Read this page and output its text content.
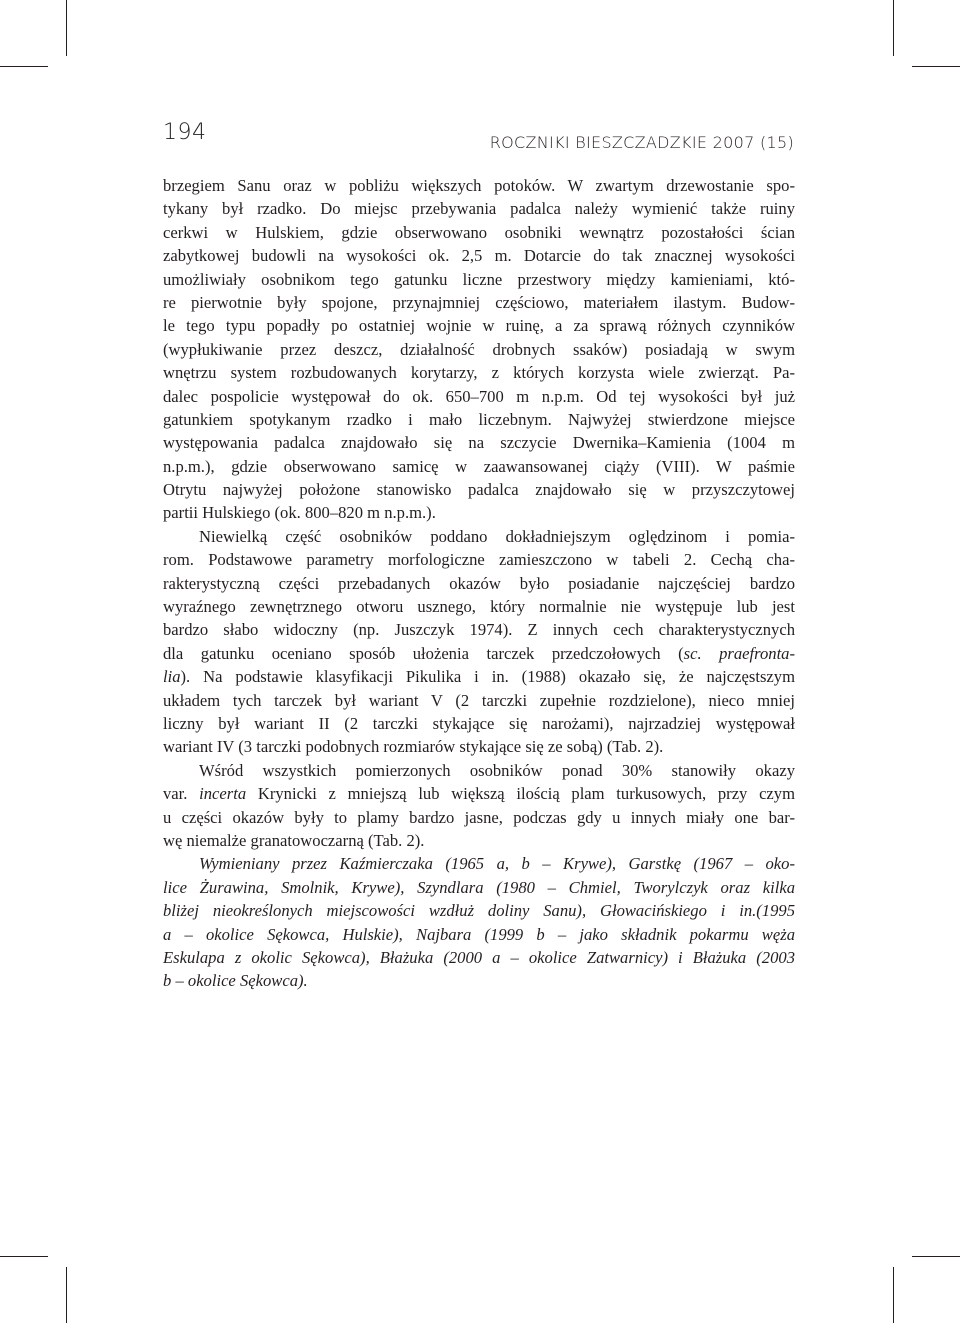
194	ROCZNIKI BIESZCZADZKIE 2007 (15)
brzegiem Sanu oraz w pobliżu większych potoków. W zwartym drzewostanie spo-
tykany był rzadko. Do miejsc przebywania padalca należy wymienić także ruiny
cerkwi w Hulskiem, gdzie obserwowano osobniki wewnątrz pozostałości ścian
zabytkowej budowli na wysokości ok. 2,5 m. Dotarcie do tak znacznej wysokości
umożliwiały osobnikom tego gatunku liczne przestwory między kamieniami, któ-
re pierwotnie były spojone, przynajmniej częściowo, materiałem ilastym. Budow-
le tego typu popadły po ostatniej wojnie w ruinę, a za sprawą różnych czynników
(wypłukiwanie przez deszcz, działalność drobnych ssaków) posiadają w swym
wnętrzu system rozbudowanych korytarzy, z których korzysta wiele zwierząt. Pa-
dalec pospolicie występował do ok. 650–700 m n.p.m. Od tej wysokości był już
gatunkiem spotykanym rzadko i mało liczebnym. Najwyżej stwierdzone miejsce
występowania padalca znajdowało się na szczycie Dwernika–Kamienia (1004 m
n.p.m.), gdzie obserwowano samicę w zaawansowanej ciąży (VIII). W paśmie
Otrytu najwyżej położone stanowisko padalca znajdowało się w przyszczytowej
partii Hulskiego (ok. 800–820 m n.p.m.).
Niewielką część osobników poddano dokładniejszym oględzinom i pomia-
rom. Podstawowe parametry morfologiczne zamieszczono w tabeli 2. Cechą cha-
rakterystyczną części przebadanych okazów było posiadanie najczęściej bardzo
wyraźnego zewnętrznego otworu usznego, który normalnie nie występuje lub jest
bardzo słabo widoczny (np. Juszczyk 1974). Z innych cech charakterystycznych
dla gatunku oceniano sposób ułożenia tarczek przedczołowych (sc. praefronta-
lia). Na podstawie klasyfikacji Pikulika i in. (1988) okazało się, że najczęstszym
układem tych tarczek był wariant V (2 tarczki zupełnie rozdzielone), nieco mniej
liczny był wariant II (2 tarczki stykające się narożami), najrzadziej występował
wariant IV (3 tarczki podobnych rozmiarów stykające się ze sobą) (Tab. 2).
Wśród wszystkich pomierzonych osobników ponad 30% stanowiły okazy
var. incerta Krynicki z mniejszą lub większą ilością plam turkusowych, przy czym
u części okazów były to plamy bardzo jasne, podczas gdy u innych miały one bar-
wę niemalże granatowoczarną (Tab. 2).
Wymieniany przez Kaźmierczaka (1965 a, b – Krywe), Garstkę (1967 – oko-
lice Żurawina, Smolnik, Krywe), Szyndlara (1980 – Chmiel, Tworylczyk oraz kilka
bliżej nieokreślonych miejscowości wzdłuż doliny Sanu), Głowacińskiego i in.(1995
a – okolice Sękowca, Hulskie), Najbara (1999 b – jako składnik pokarmu węża
Eskulapa z okolic Sękowca), Błażuka (2000 a – okolice Zatwarnicy) i Błażuka (2003
b – okolice Sękowca).
